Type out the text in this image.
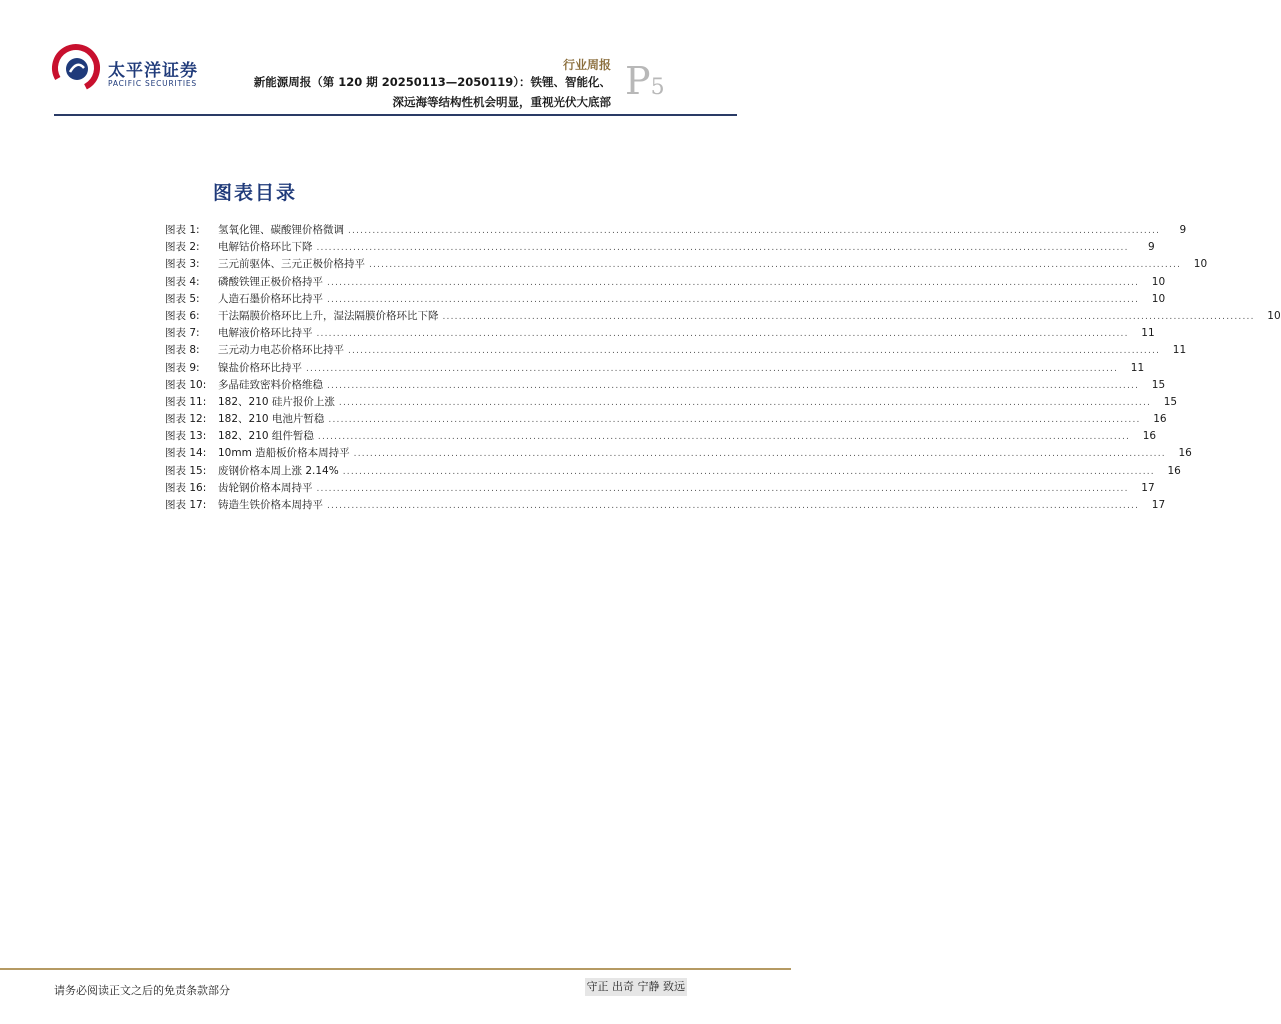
太平洋证券
PACIFIC SECURITIES
行业周报
新能源周报（第 120 期 20250113—2050119）：铁锂、智能化、
深远海等结构性机会明显，重视光伏大底部 P5
图表目录
图表 1:	氢氧化锂、碳酸锂价格微调 ........................................................................................................................................................................................................	9
图表 2:	电解钴价格环比下降 ........................................................................................................................................................................................................	9
图表 3:	三元前驱体、三元正极价格持平 ........................................................................................................................................................................................................	10
图表 4:	磷酸铁锂正极价格持平 ........................................................................................................................................................................................................	10
图表 5:	人造石墨价格环比持平 ........................................................................................................................................................................................................	10
图表 6:	干法隔膜价格环比上升，湿法隔膜价格环比下降 ........................................................................................................................................................................................................	10
图表 7:	电解液价格环比持平 ........................................................................................................................................................................................................	11
图表 8:	三元动力电芯价格环比持平 ........................................................................................................................................................................................................	11
图表 9:	镍盐价格环比持平 ........................................................................................................................................................................................................	11
图表 10:	多晶硅致密料价格维稳 ........................................................................................................................................................................................................	15
图表 11:	182、210 硅片报价上涨 ........................................................................................................................................................................................................	15
图表 12:	182、210 电池片暂稳 ........................................................................................................................................................................................................	16
图表 13:	182、210 组件暂稳 ........................................................................................................................................................................................................	16
图表 14:	10mm 造船板价格本周持平 ........................................................................................................................................................................................................	16
图表 15:	废钢价格本周上涨 2.14% ........................................................................................................................................................................................................	16
图表 16:	齿轮钢价格本周持平 ........................................................................................................................................................................................................	17
图表 17:	铸造生铁价格本周持平 ........................................................................................................................................................................................................	17
请务必阅读正文之后的免责条款部分	守正 出奇 宁静 致远
